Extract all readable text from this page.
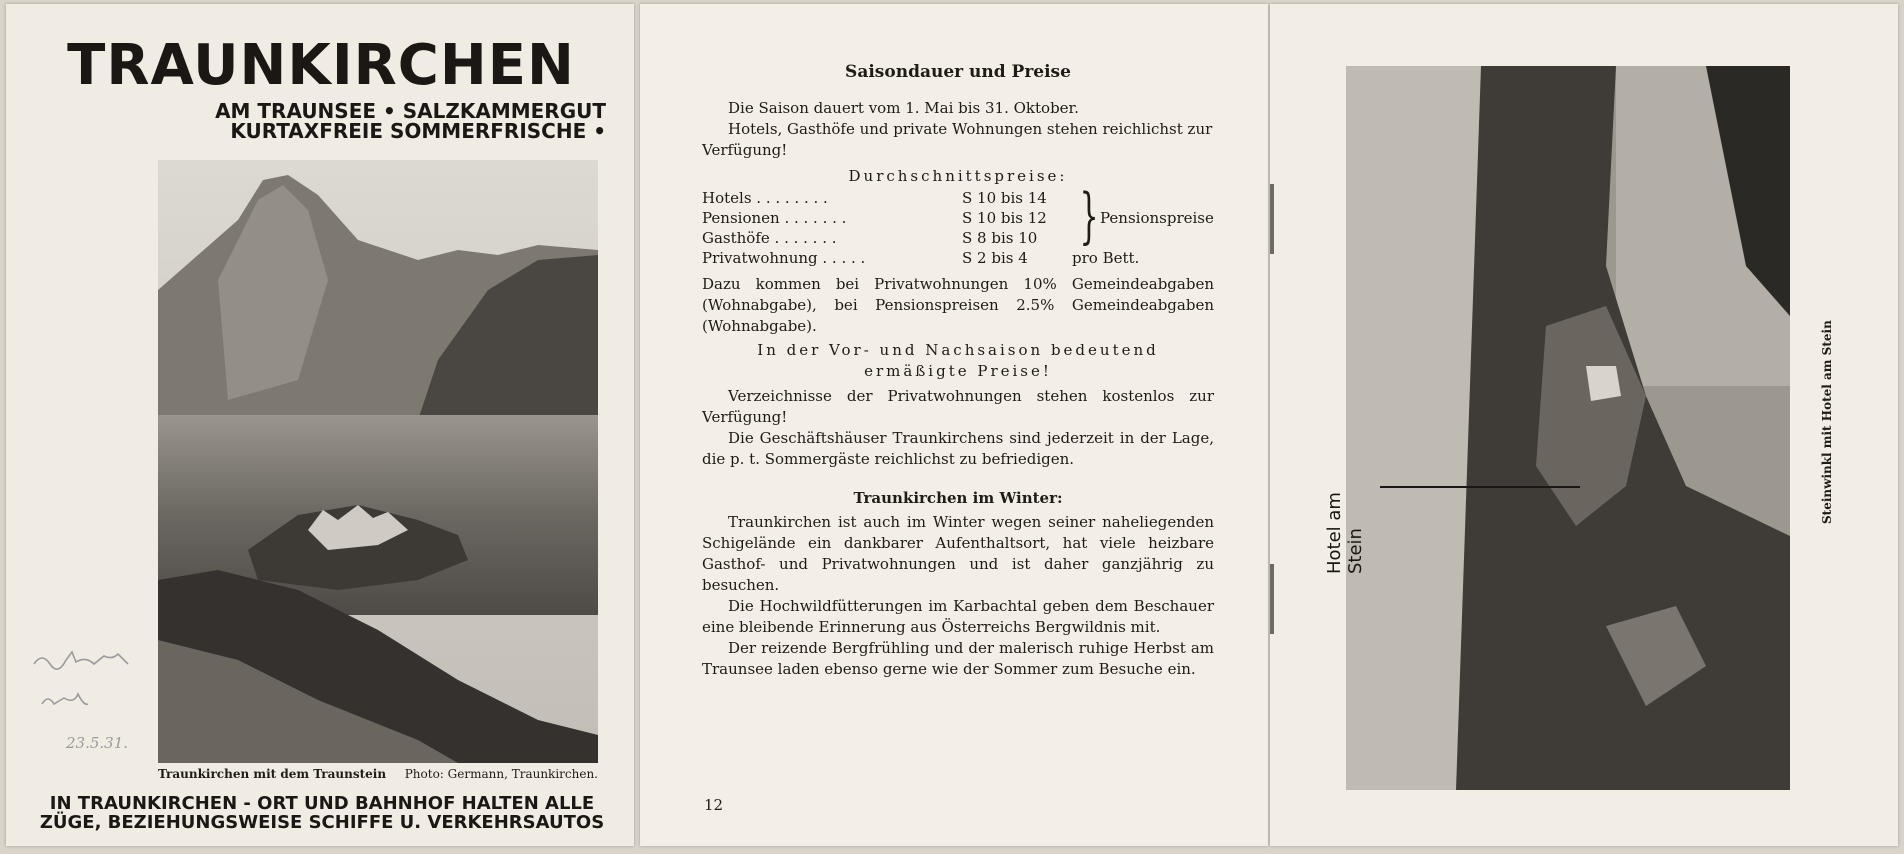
TRAUNKIRCHEN
AM TRAUNSEE • SALZKAMMERGUT
KURTAXFREIE SOMMERFRISCHE •
Traunkirchen mit dem Traunstein Photo: Germann, Traunkirchen.
23.5.31.
IN TRAUNKIRCHEN - ORT UND BAHNHOF HALTEN ALLE
ZÜGE, BEZIEHUNGSWEISE SCHIFFE U. VERKEHRSAUTOS
Saisondauer und Preise
Die Saison dauert vom 1. Mai bis 31. Oktober.
Hotels, Gasthöfe und private Wohnungen stehen reichlichst zur Verfügung!
Durchschnittspreise:
Hotels . . . . . . . .	S 10 bis 14
Pensionen . . . . . . .	S 10 bis 12
Gasthöfe . . . . . . .	S 8 bis 10
Privatwohnung . . . . .	S 2 bis 4	pro Bett.
} Pensionspreise
Dazu kommen bei Privatwohnungen 10% Gemeindeabgaben (Wohnabgabe), bei Pensionspreisen 2.5% Gemeindeabgaben (Wohnabgabe).
In der Vor- und Nachsaison bedeutend ermäßigte Preise!
Verzeichnisse der Privatwohnungen stehen kostenlos zur Verfügung!
Die Geschäftshäuser Traunkirchens sind jederzeit in der Lage, die p. t. Sommergäste reichlichst zu befriedigen.
Traunkirchen im Winter:
Traunkirchen ist auch im Winter wegen seiner naheliegenden Schigelände ein dankbarer Aufenthaltsort, hat viele heizbare Gasthof- und Privatwohnungen und ist daher ganzjährig zu besuchen.
Die Hochwildfütterungen im Karbachtal geben dem Beschauer eine bleibende Erinnerung aus Österreichs Bergwildnis mit.
Der reizende Bergfrühling und der malerisch ruhige Herbst am Traunsee laden ebenso gerne wie der Sommer zum Besuche ein.
12
Hotel am Stein
Steinwinkl mit Hotel am Stein
